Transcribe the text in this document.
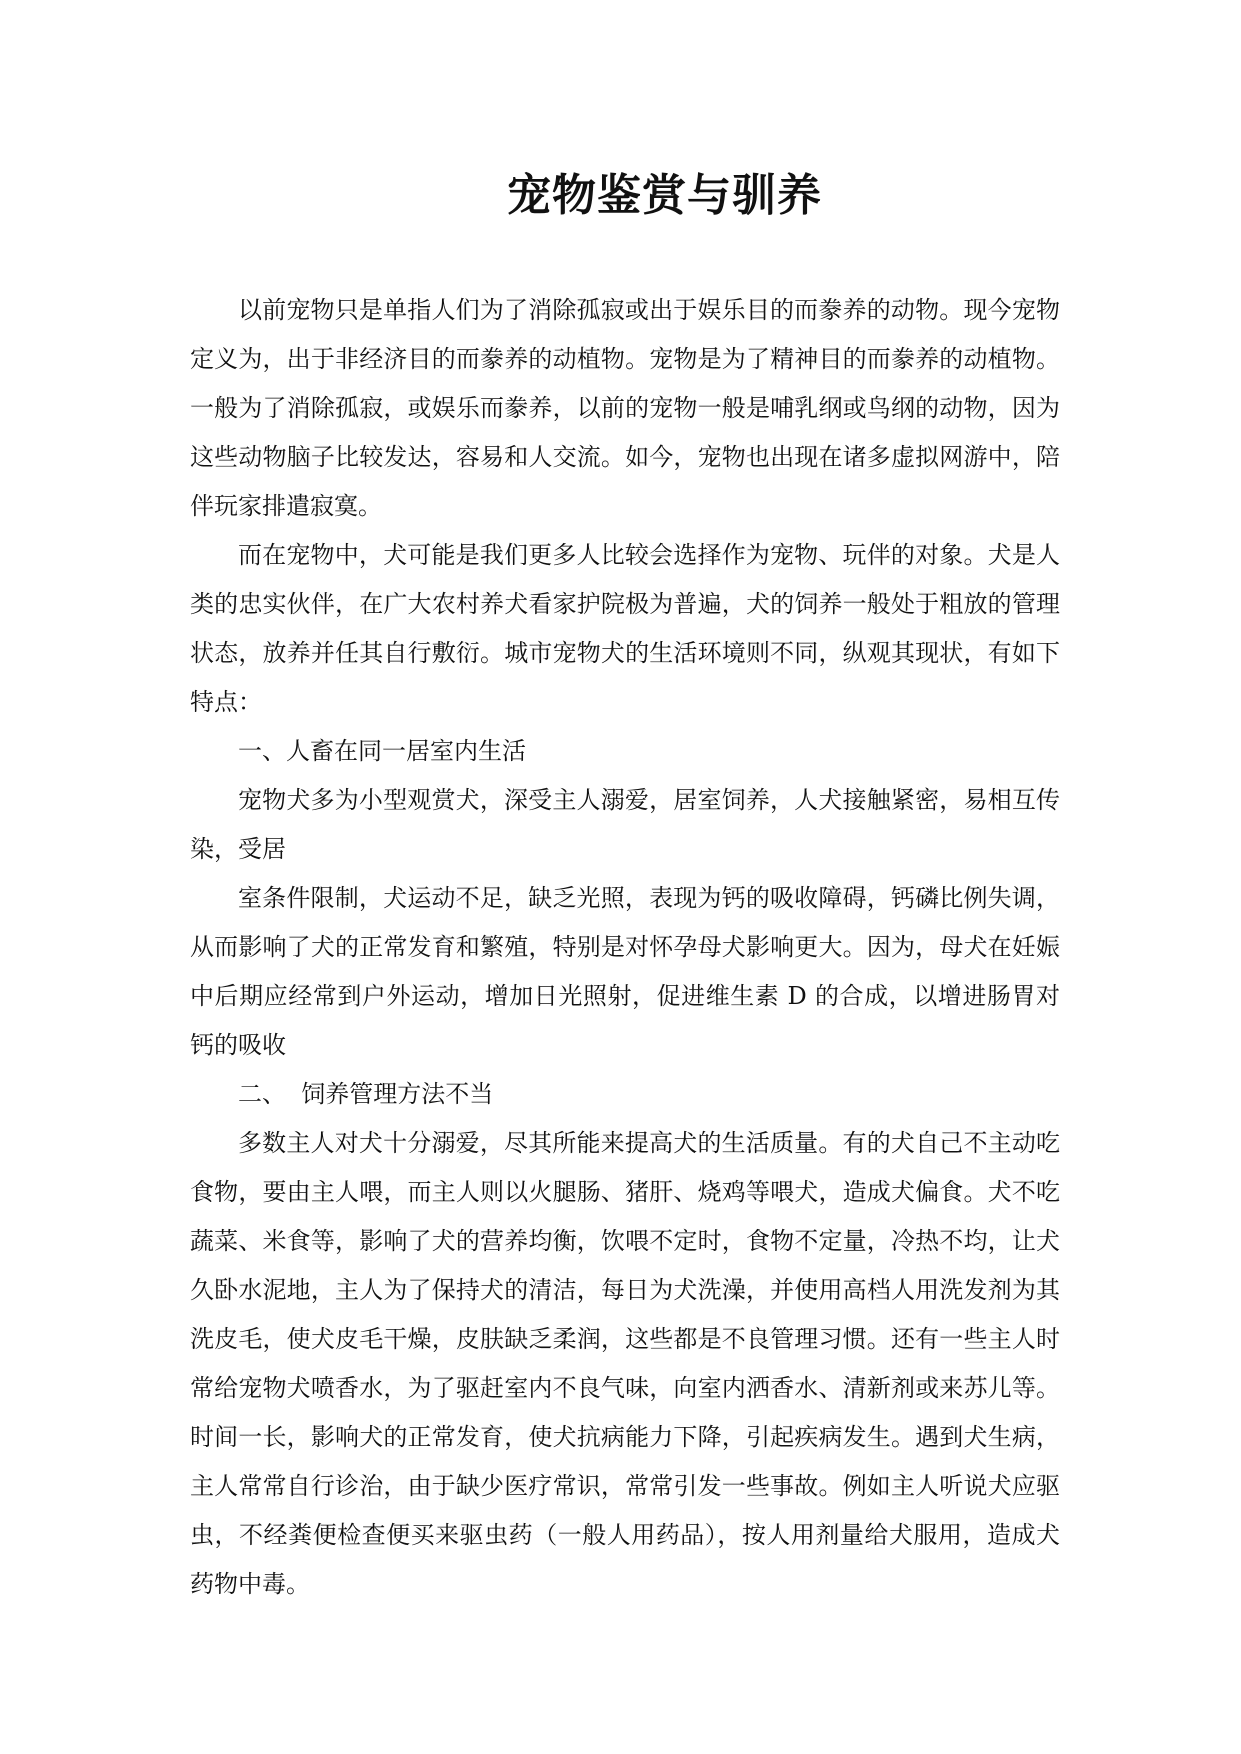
宠物鉴赏与驯养

以前宠物只是单指人们为了消除孤寂或出于娱乐目的而豢养的动物。现今宠物定义为，出于非经济目的而豢养的动植物。宠物是为了精神目的而豢养的动植物。一般为了消除孤寂，或娱乐而豢养，以前的宠物一般是哺乳纲或鸟纲的动物，因为这些动物脑子比较发达，容易和人交流。如今，宠物也出现在诸多虚拟网游中，陪伴玩家排遣寂寞。

而在宠物中，犬可能是我们更多人比较会选择作为宠物、玩伴的对象。犬是人类的忠实伙伴，在广大农村养犬看家护院极为普遍，犬的饲养一般处于粗放的管理状态，放养并任其自行敷衍。城市宠物犬的生活环境则不同，纵观其现状，有如下特点：

一、人畜在同一居室内生活

宠物犬多为小型观赏犬，深受主人溺爱，居室饲养，人犬接触紧密，易相互传染，受居

室条件限制，犬运动不足，缺乏光照，表现为钙的吸收障碍，钙磷比例失调，从而影响了犬的正常发育和繁殖，特别是对怀孕母犬影响更大。因为，母犬在妊娠中后期应经常到户外运动，增加日光照射，促进维生素 D 的合成，以增进肠胃对钙的吸收

二、  饲养管理方法不当

多数主人对犬十分溺爱，尽其所能来提高犬的生活质量。有的犬自己不主动吃食物，要由主人喂，而主人则以火腿肠、猪肝、烧鸡等喂犬，造成犬偏食。犬不吃蔬菜、米食等，影响了犬的营养均衡，饮喂不定时，食物不定量，冷热不均，让犬久卧水泥地，主人为了保持犬的清洁，每日为犬洗澡，并使用高档人用洗发剂为其洗皮毛，使犬皮毛干燥，皮肤缺乏柔润，这些都是不良管理习惯。还有一些主人时常给宠物犬喷香水，为了驱赶室内不良气味，向室内洒香水、清新剂或来苏儿等。时间一长，影响犬的正常发育，使犬抗病能力下降，引起疾病发生。遇到犬生病，主人常常自行诊治，由于缺少医疗常识，常常引发一些事故。例如主人听说犬应驱虫，不经粪便检查便买来驱虫药（一般人用药品），按人用剂量给犬服用，造成犬药物中毒。
